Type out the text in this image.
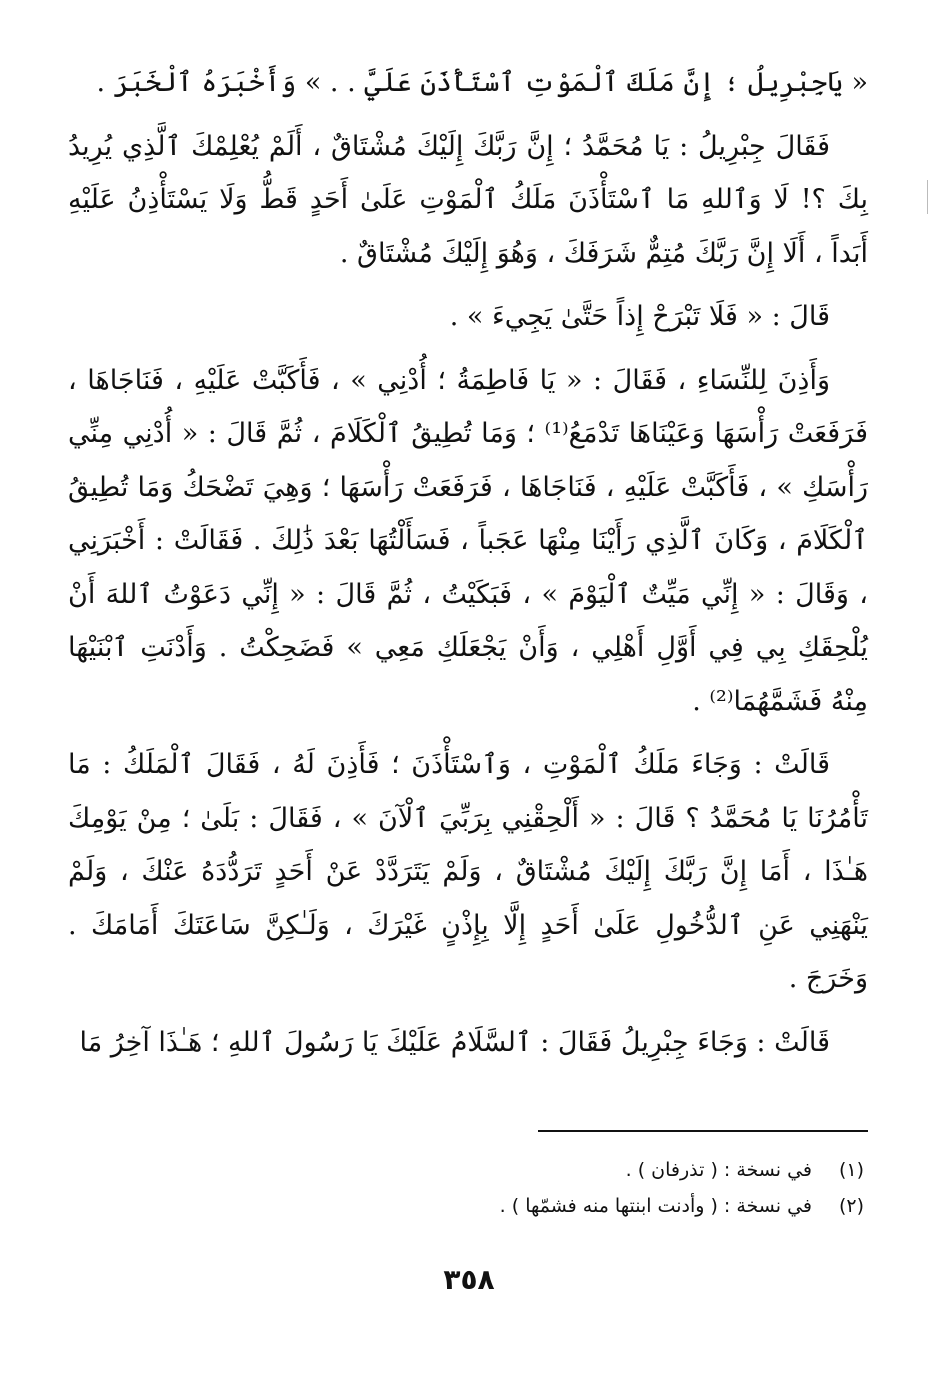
« يَاجِبْرِيلُ ؛ إِنَّ مَلَكَ ٱلْمَوْتِ ٱسْتَأْذَنَ عَلَيَّ . . » وَأَخْبَرَهُ ٱلْخَبَرَ .

فَقَالَ جِبْرِيلُ : يَا مُحَمَّدُ ؛ إِنَّ رَبَّكَ إِلَيْكَ مُشْتَاقٌ ، أَلَمْ يُعْلِمْكَ ٱلَّذِي يُرِيدُ بِكَ ؟! لَا وَٱللهِ مَا ٱسْتَأْذَنَ مَلَكُ ٱلْمَوْتِ عَلَىٰ أَحَدٍ قَطُّ وَلَا يَسْتَأْذِنُ عَلَيْهِ أَبَداً ، أَلَا إِنَّ رَبَّكَ مُتِمٌّ شَرَفَكَ ، وَهُوَ إِلَيْكَ مُشْتَاقٌ .

قَالَ : « فَلَا تَبْرَحْ إِذاً حَتَّىٰ يَجِيءَ » .

وَأَذِنَ لِلنِّسَاءِ ، فَقَالَ : « يَا فَاطِمَةُ ؛ أُدْنِي » ، فَأَكَبَّتْ عَلَيْهِ ، فَنَاجَاهَا ، فَرَفَعَتْ رَأْسَهَا وَعَيْنَاهَا تَدْمَعُ⁽¹⁾ ؛ وَمَا تُطِيقُ ٱلْكَلَامَ ، ثُمَّ قَالَ : « أُدْنِي مِنِّي رَأْسَكِ » ، فَأَكَبَّتْ عَلَيْهِ ، فَنَاجَاهَا ، فَرَفَعَتْ رَأْسَهَا ؛ وَهِيَ تَضْحَكُ وَمَا تُطِيقُ ٱلْكَلَامَ ، وَكَانَ ٱلَّذِي رَأَيْنَا مِنْهَا عَجَباً ، فَسَأَلْتُهَا بَعْدَ ذَٰلِكَ . فَقَالَتْ : أَخْبَرَنِي ، وَقَالَ : « إِنِّي مَيِّتٌ ٱلْيَوْمَ » ، فَبَكَيْتُ ، ثُمَّ قَالَ : « إِنِّي دَعَوْتُ ٱللهَ أَنْ يُلْحِقَكِ بِي فِي أَوَّلِ أَهْلِي ، وَأَنْ يَجْعَلَكِ مَعِي » فَضَحِكْتُ . وَأَدْنَتِ ٱبْنَيْهَا مِنْهُ فَشَمَّهُمَا⁽²⁾ .

قَالَتْ : وَجَاءَ مَلَكُ ٱلْمَوْتِ ، وَٱسْتَأْذَنَ ؛ فَأَذِنَ لَهُ ، فَقَالَ ٱلْمَلَكُ : مَا تَأْمُرُنَا يَا مُحَمَّدُ ؟ قَالَ : « أَلْحِقْنِي بِرَبِّيَ ٱلْآنَ » ، فَقَالَ : بَلَىٰ ؛ مِنْ يَوْمِكَ هَـٰذَا ، أَمَا إِنَّ رَبَّكَ إِلَيْكَ مُشْتَاقٌ ، وَلَمْ يَتَرَدَّدْ عَنْ أَحَدٍ تَرَدُّدَهُ عَنْكَ ، وَلَمْ يَنْهَنِي عَنِ ٱلدُّخُولِ عَلَىٰ أَحَدٍ إِلَّا بِإِذْنٍ غَيْرَكَ ، وَلَـٰكِنَّ سَاعَتَكَ أَمَامَكَ . وَخَرَجَ .

قَالَتْ : وَجَاءَ جِبْرِيلُ فَقَالَ : ٱلسَّلَامُ عَلَيْكَ يَا رَسُولَ ٱللهِ ؛ هَـٰذَا آخِرُ مَا

(١)
في نسخة : ( تذرفان ) .
(٢)
في نسخة : ( وأدنت ابنتها منه فشمّها ) .
٣٥٨
